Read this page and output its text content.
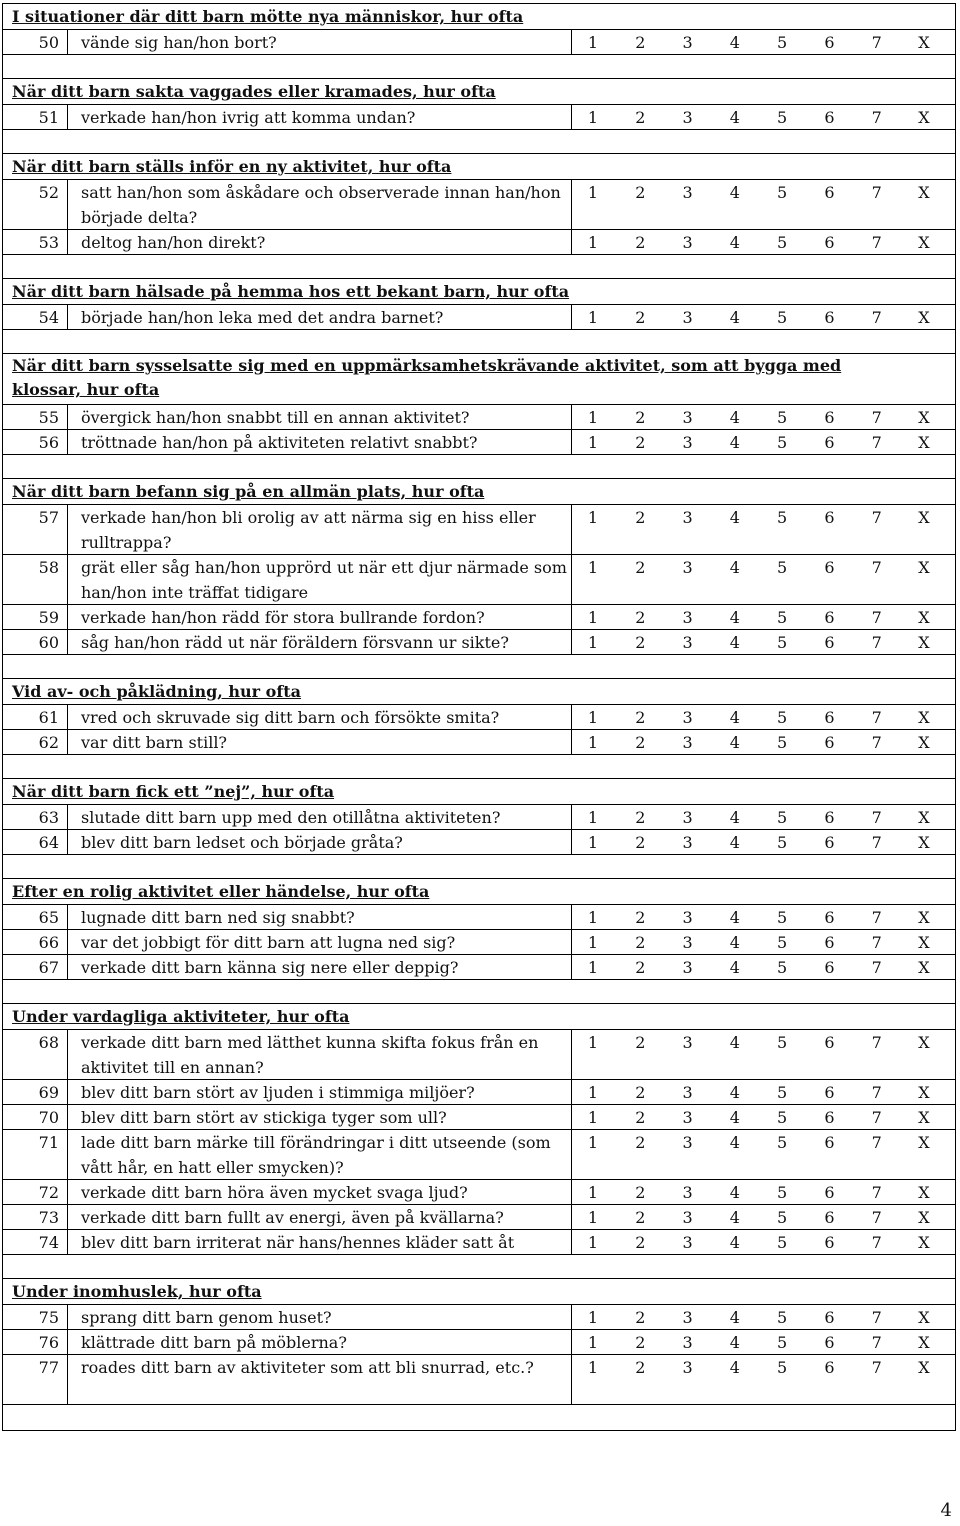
I situationer där ditt barn mötte nya människor, hur ofta
50	vände sig han/hon bort?	1 2 3 4 5 6 7 X
När ditt barn sakta vaggades eller kramades, hur ofta
51	verkade han/hon ivrig att komma undan?	1 2 3 4 5 6 7 X
När ditt barn ställs inför en ny aktivitet, hur ofta
52	satt han/hon som åskådare och observerade innan han/hon började delta?
1 2 3 4 5 6 7 X
53	deltog han/hon direkt?	1 2 3 4 5 6 7 X
När ditt barn hälsade på hemma hos ett bekant barn, hur ofta
54	började han/hon leka med det andra barnet?	1 2 3 4 5 6 7 X
När ditt barn sysselsatte sig med en uppmärksamhetskrävande aktivitet, som att bygga med klossar, hur ofta
55	övergick han/hon snabbt till en annan aktivitet?	1 2 3 4 5 6 7 X
56	tröttnade han/hon på aktiviteten relativt snabbt?	1 2 3 4 5 6 7 X
När ditt barn befann sig på en allmän plats, hur ofta
57	verkade han/hon bli orolig av att närma sig en hiss eller rulltrappa?
1 2 3 4 5 6 7 X
58	grät eller såg han/hon upprörd ut när ett djur närmade som han/hon inte träffat tidigare
1 2 3 4 5 6 7 X
59	verkade han/hon rädd för stora bullrande fordon?	1 2 3 4 5 6 7 X
60	såg han/hon rädd ut när föräldern försvann ur sikte?	1 2 3 4 5 6 7 X
Vid av- och påklädning, hur ofta
61	vred och skruvade sig ditt barn och försökte smita?	1 2 3 4 5 6 7 X
62	var ditt barn still?	1 2 3 4 5 6 7 X
När ditt barn fick ett ”nej”, hur ofta
63	slutade ditt barn upp med den otillåtna aktiviteten?	1 2 3 4 5 6 7 X
64	blev ditt barn ledset och började gråta?	1 2 3 4 5 6 7 X
Efter en rolig aktivitet eller händelse, hur ofta
65	lugnade ditt barn ned sig snabbt?	1 2 3 4 5 6 7 X
66	var det jobbigt för ditt barn att lugna ned sig?	1 2 3 4 5 6 7 X
67	verkade ditt barn känna sig nere eller deppig?	1 2 3 4 5 6 7 X
Under vardagliga aktiviteter, hur ofta
68	verkade ditt barn med lätthet kunna skifta fokus från en aktivitet till en annan?
1 2 3 4 5 6 7 X
69	blev ditt barn stört av ljuden i stimmiga miljöer?	1 2 3 4 5 6 7 X
70	blev ditt barn stört av stickiga tyger som ull?	1 2 3 4 5 6 7 X
71	lade ditt barn märke till förändringar i ditt utseende (som vått hår, en hatt eller smycken)?
1 2 3 4 5 6 7 X
72	verkade ditt barn höra även mycket svaga ljud?	1 2 3 4 5 6 7 X
73	verkade ditt barn fullt av energi, även på kvällarna?	1 2 3 4 5 6 7 X
74	blev ditt barn irriterat när hans/hennes kläder satt åt	1 2 3 4 5 6 7 X
Under inomhuslek, hur ofta
75	sprang ditt barn genom huset?	1 2 3 4 5 6 7 X
76	klättrade ditt barn på möblerna?	1 2 3 4 5 6 7 X
77	roades ditt barn av aktiviteter som att bli snurrad, etc.?	1 2 3 4 5 6 7 X
4
